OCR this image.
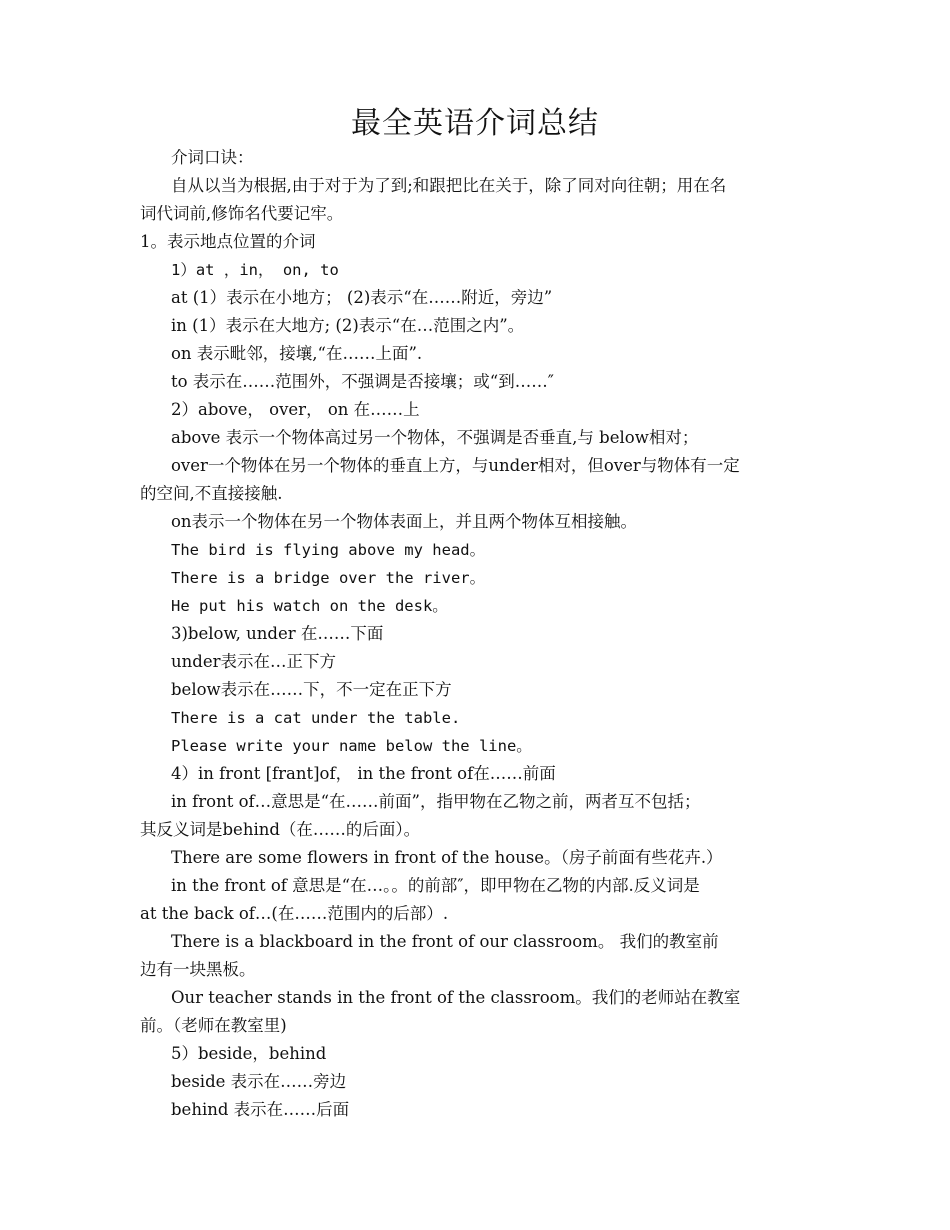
最全英语介词总结
介词口诀：
自从以当为根据,由于对于为了到;和跟把比在关于，除了同对向往朝；用在名
词代词前,修饰名代要记牢。
1。表示地点位置的介词
1）at ，in， on, to
at (1）表示在小地方； (2)表示“在……附近，旁边”
in (1）表示在大地方; (2)表示“在…范围之内”。
on 表示毗邻，接壤,“在……上面”.
to 表示在……范围外，不强调是否接壤；或“到……″
2）above， over， on 在……上
above 表示一个物体高过另一个物体，不强调是否垂直,与 below相对；
over一个物体在另一个物体的垂直上方，与under相对，但over与物体有一定
的空间,不直接接触.
on表示一个物体在另一个物体表面上，并且两个物体互相接触。
The bird is flying above my head。
There is a bridge over the river。
He put his watch on the desk。
3)below, under 在……下面
under表示在…正下方
below表示在……下，不一定在正下方
There is a cat under the table.
Please write your name below the line。
4）in front [frant]of， in the front of在……前面
in front of…意思是“在……前面”，指甲物在乙物之前，两者互不包括；
其反义词是behind（在……的后面）。
There are some flowers in front of the house。（房子前面有些花卉.）
in the front of 意思是“在…。。的前部″，即甲物在乙物的内部.反义词是
at the back of…(在……范围内的后部）.
There is a blackboard in the front of our classroom。 我们的教室前
边有一块黑板。
Our teacher stands in the front of the classroom。我们的老师站在教室
前。（老师在教室里)
5）beside，behind
beside 表示在……旁边
behind 表示在……后面
